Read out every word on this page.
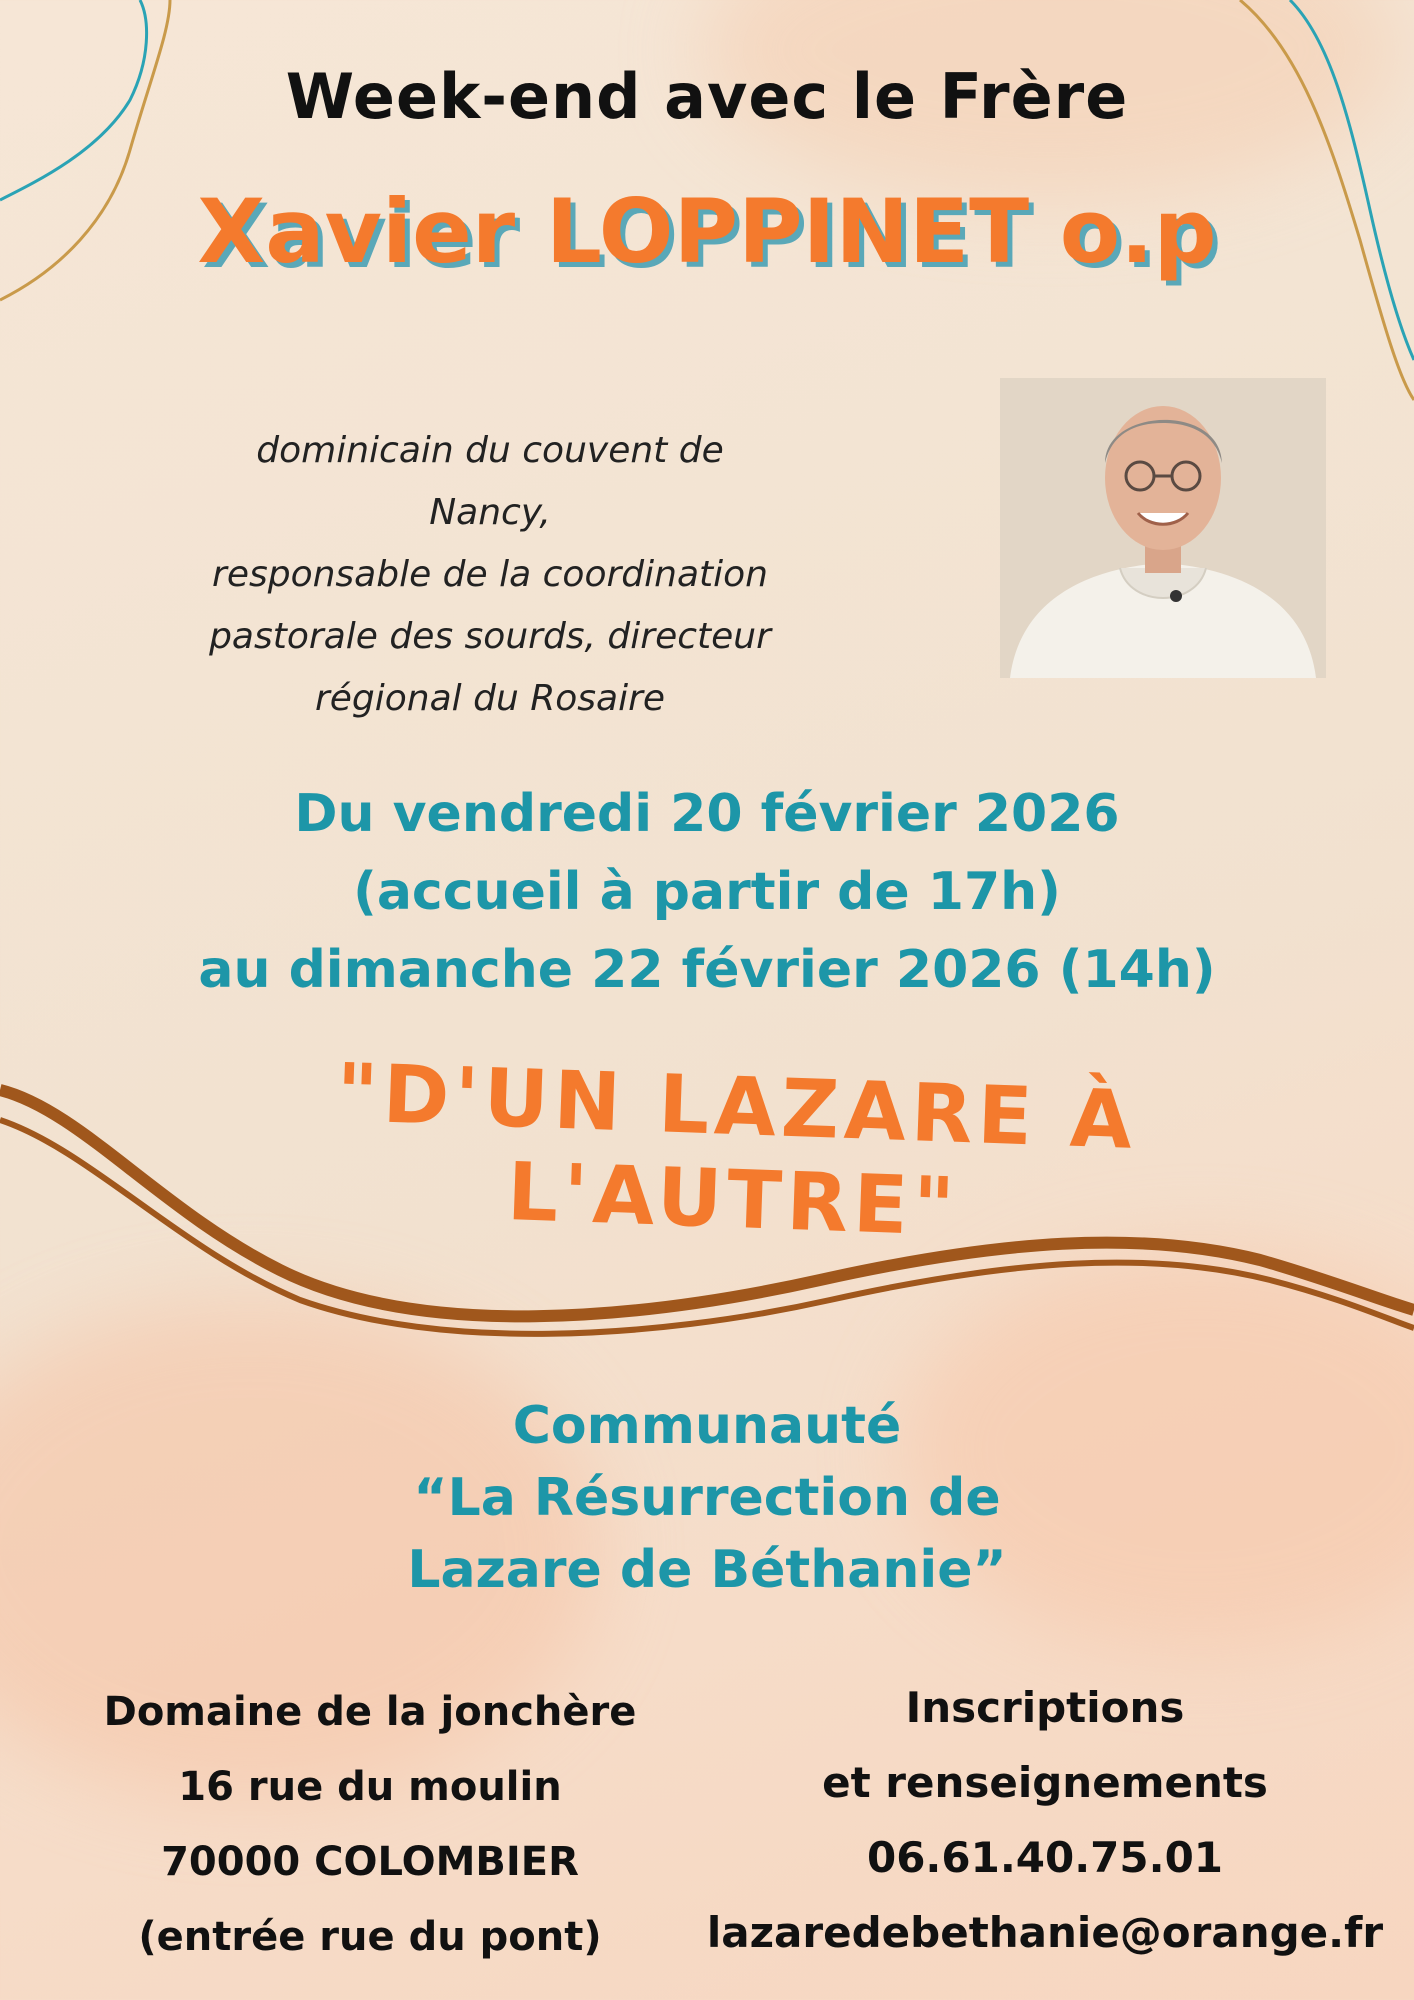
Week-end avec le Frère
Xavier LOPPINET o.p
dominicain du couvent de Nancy,
responsable de la coordination
pastorale des sourds, directeur
régional du Rosaire
Du vendredi 20 février 2026
(accueil à partir de 17h)
au dimanche 22 février 2026 (14h)
"D'UN LAZARE À L'AUTRE"
Communauté
“La Résurrection de
Lazare de Béthanie”
Domaine de la jonchère
16 rue du moulin
70000 COLOMBIER
(entrée rue du pont)
Inscriptions
et renseignements
06.61.40.75.01
lazaredebethanie@orange.fr
